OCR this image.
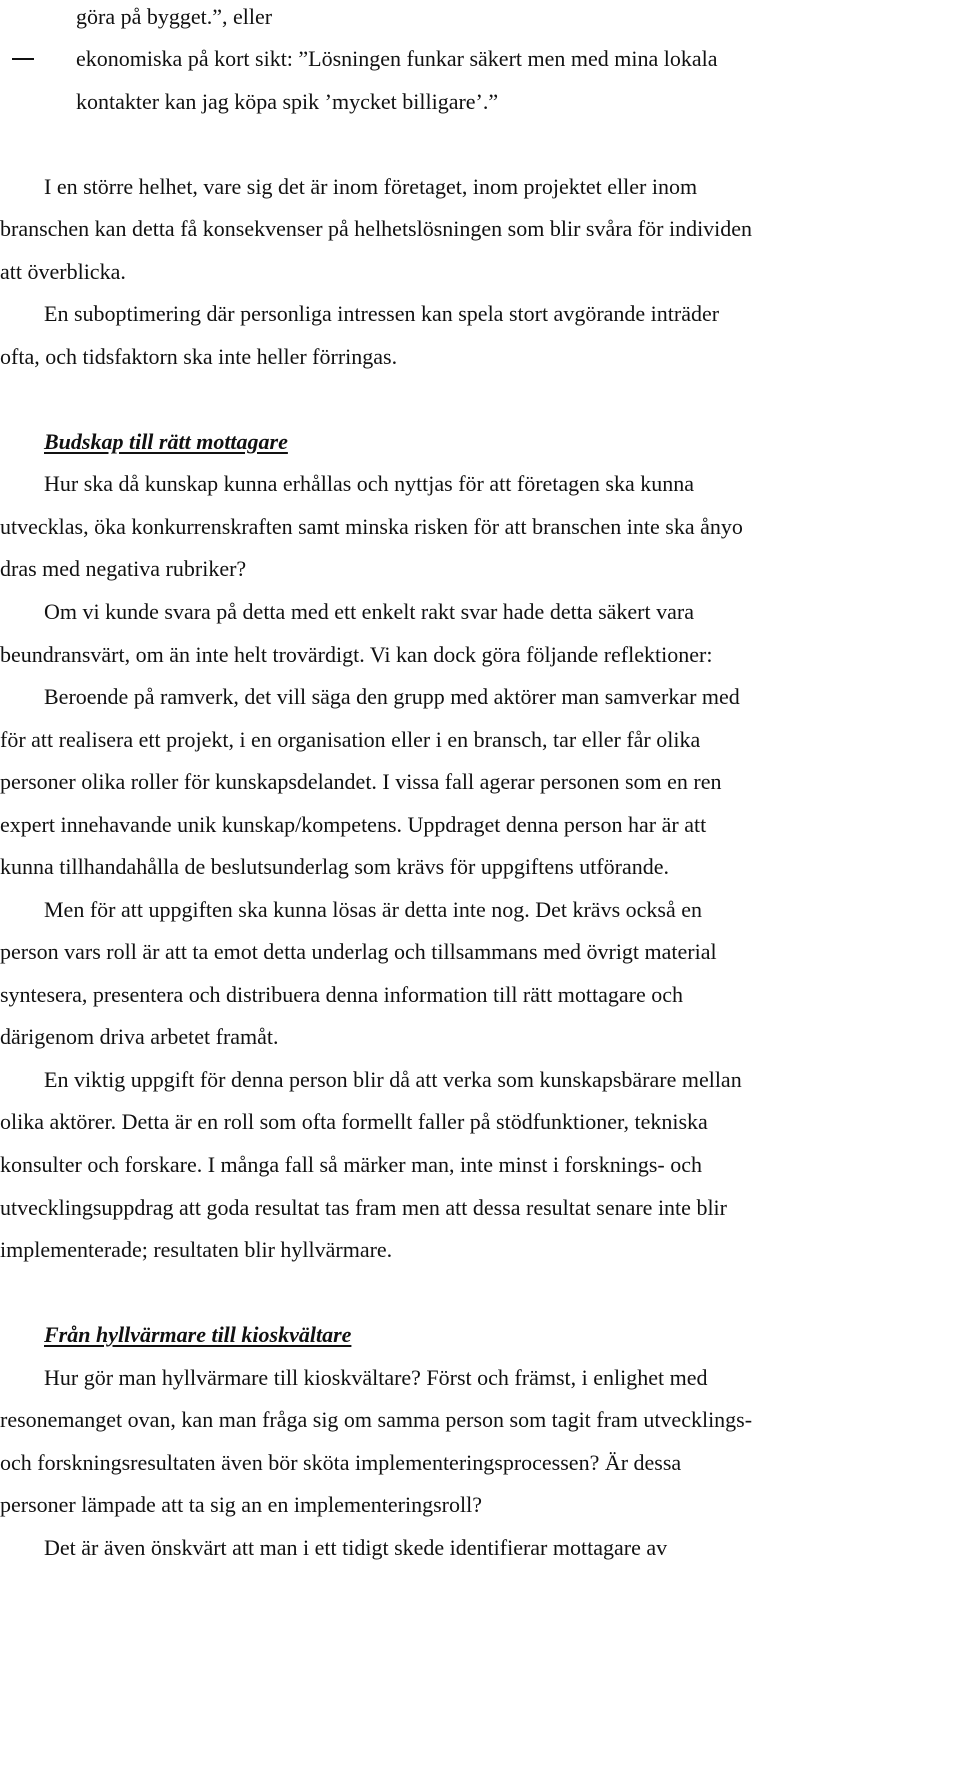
göra på bygget.”, eller

ekonomiska på kort sikt: ”Lösningen funkar säkert men med mina lokala

kontakter kan jag köpa spik ’mycket billigare’.”

I en större helhet, vare sig det är inom företaget, inom projektet eller inom

branschen kan detta få konsekvenser på helhetslösningen som blir svåra för individen

att överblicka.

En suboptimering där personliga intressen kan spela stort avgörande inträder

ofta, och tidsfaktorn ska inte heller förringas.

Budskap till rätt mottagare

Hur ska då kunskap kunna erhållas och nyttjas för att företagen ska kunna

utvecklas, öka konkurrenskraften samt minska risken för att branschen inte ska ånyo

dras med negativa rubriker?

Om vi kunde svara på detta med ett enkelt rakt svar hade detta säkert vara

beundransvärt, om än inte helt trovärdigt. Vi kan dock göra följande reflektioner:

Beroende på ramverk, det vill säga den grupp med aktörer man samverkar med

för att realisera ett projekt, i en organisation eller i en bransch, tar eller får olika

personer olika roller för kunskapsdelandet. I vissa fall agerar personen som en ren

expert innehavande unik kunskap/kompetens. Uppdraget denna person har är att

kunna tillhandahålla de beslutsunderlag som krävs för uppgiftens utförande.

Men för att uppgiften ska kunna lösas är detta inte nog. Det krävs också en

person vars roll är att ta emot detta underlag och tillsammans med övrigt material

syntesera, presentera och distribuera denna information till rätt mottagare och

därigenom driva arbetet framåt.

En viktig uppgift för denna person blir då att verka som kunskapsbärare mellan

olika aktörer. Detta är en roll som ofta formellt faller på stödfunktioner, tekniska

konsulter och forskare. I många fall så märker man, inte minst i forsknings- och

utvecklingsuppdrag att goda resultat tas fram men att dessa resultat senare inte blir

implementerade; resultaten blir hyllvärmare.

Från hyllvärmare till kioskvältare

Hur gör man hyllvärmare till kioskvältare? Först och främst, i enlighet med

resonemanget ovan, kan man fråga sig om samma person som tagit fram utvecklings-

och forskningsresultaten även bör sköta implementeringsprocessen? Är dessa

personer lämpade att ta sig an en implementeringsroll?

Det är även önskvärt att man i ett tidigt skede identifierar mottagare av
